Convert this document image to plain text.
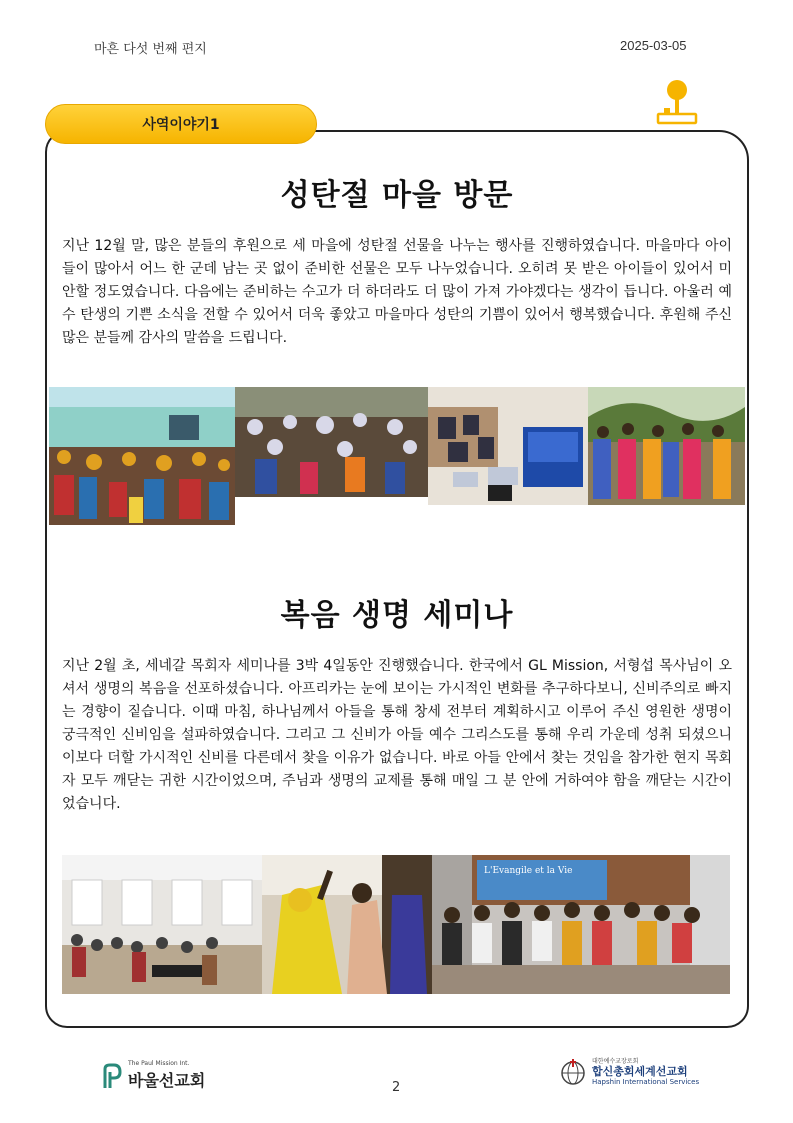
마흔 다섯 번째 편지	2025-03-05
사역이야기1
성탄절 마을 방문
지난 12월 말, 많은 분들의 후원으로 세 마을에 성탄절 선물을 나누는 행사를 진행하였습니다. 마을마다 아이들이 많아서 어느 한 군데 남는 곳 없이 준비한 선물은 모두 나누었습니다. 오히려 못 받은 아이들이 있어서 미안할 정도였습니다. 다음에는 준비하는 수고가 더 하더라도 더 많이 가져 가야겠다는 생각이 듭니다. 아울러 예수 탄생의 기쁜 소식을 전할 수 있어서 더욱 좋았고 마을마다 성탄의 기쁨이 있어서 행복했습니다. 후원해 주신 많은 분들께 감사의 말씀을 드립니다.
복음 생명 세미나
지난 2월 초, 세네갈 목회자 세미나를 3박 4일동안 진행했습니다. 한국에서 GL Mission, 서형섭 목사님이 오셔서 생명의 복음을 선포하셨습니다. 아프리카는 눈에 보이는 가시적인 변화를 추구하다보니, 신비주의로 빠지는 경향이 짙습니다. 이때 마침, 하나님께서 아들을 통해 창세 전부터 계획하시고 이루어 주신 영원한 생명이 궁극적인 신비임을 설파하였습니다. 그리고 그 신비가 아들 예수 그리스도를 통해 우리 가운데 성취 되셨으니 이보다 더할 가시적인 신비를 다른데서 찾을 이유가 없습니다. 바로 아들 안에서 찾는 것임을 참가한 현지 목회자 모두 깨닫는 귀한 시간이었으며, 주님과 생명의 교제를 통해 매일 그 분 안에 거하여야 함을 깨닫는 시간이었습니다.
L'Evangile et la Vie
The Paul Mission Int.
바울선교회	2
대한예수교장로회
합신총회세계선교회
Hapshin International Services
